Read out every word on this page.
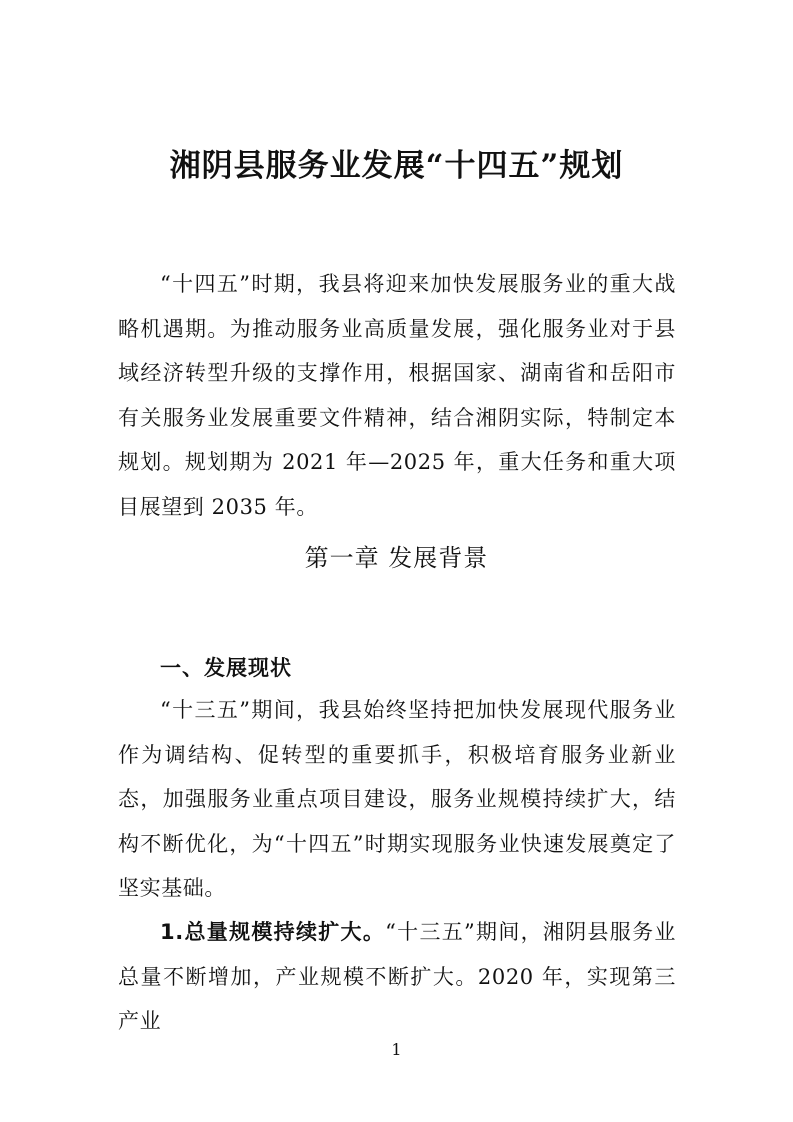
湘阴县服务业发展“十四五”规划

“十四五”时期，我县将迎来加快发展服务业的重大战略机遇期。为推动服务业高质量发展，强化服务业对于县域经济转型升级的支撑作用，根据国家、湖南省和岳阳市有关服务业发展重要文件精神，结合湘阴实际，特制定本规划。规划期为 2021 年—2025 年，重大任务和重大项目展望到 2035 年。

第一章 发展背景
一、发展现状

“十三五”期间，我县始终坚持把加快发展现代服务业作为调结构、促转型的重要抓手，积极培育服务业新业态，加强服务业重点项目建设，服务业规模持续扩大，结构不断优化，为“十四五”时期实现服务业快速发展奠定了坚实基础。

1.总量规模持续扩大。“十三五”期间，湘阴县服务业总量不断增加，产业规模不断扩大。2020 年，实现第三产业

1
